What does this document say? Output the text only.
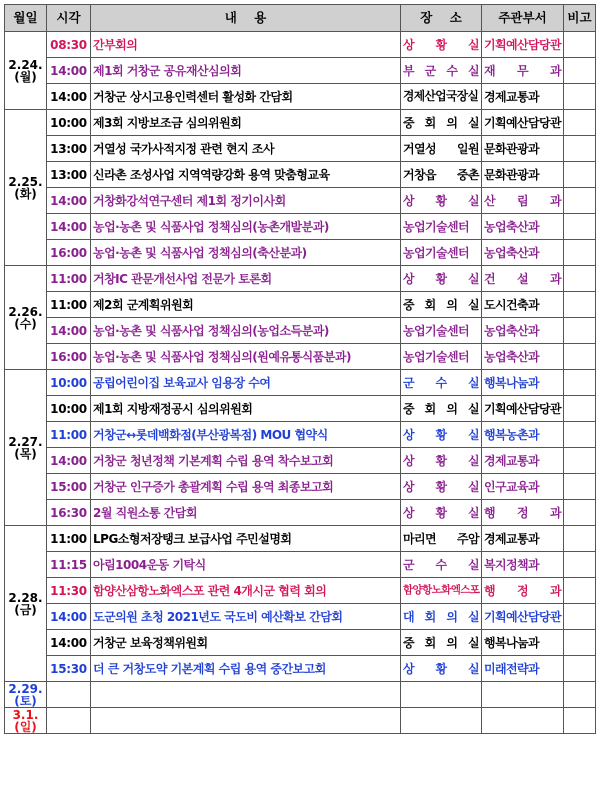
월일	시각	내    용	장    소	주관부서	비고

2.24.
(월)	08:30	간부회의	상 황 실	기획예산담당관	
	14:00	제1회 거창군 공유재산심의회	부 군 수 실	재 무 과	
	14:00	거창군 상시고용인력센터 활성화 간담회	경제산업국장실	경제교통과	

2.25.
(화)	10:00	제3회 지방보조금 심의위원회	중 회 의 실	기획예산담당관	
	13:00	거열성 국가사적지정 관련 현지 조사	거열성 일원	문화관광과	
	13:00	신라촌 조성사업 지역역량강화 용역 맞춤형교육	거창읍 중촌	문화관광과	
	14:00	거창화강석연구센터 제1회 정기이사회	상 황 실	산 림 과	
	14:00	농업·농촌 및 식품사업 정책심의(농촌개발분과)	농업기술센터	농업축산과	
	16:00	농업·농촌 및 식품사업 정책심의(축산분과)	농업기술센터	농업축산과	

2.26.
(수)	11:00	거창IC 관문개선사업 전문가 토론회	상 황 실	건 설 과	
	11:00	제2회 군계획위원회	중 회 의 실	도시건축과	
	14:00	농업·농촌 및 식품사업 정책심의(농업소득분과)	농업기술센터	농업축산과	
	16:00	농업·농촌 및 식품사업 정책심의(원예유통식품분과)	농업기술센터	농업축산과	

2.27.
(목)	10:00	공립어린이집 보육교사 임용장 수여	군 수 실	행복나눔과	
	10:00	제1회 지방재정공시 심의위원회	중 회 의 실	기획예산담당관	
	11:00	거창군↔롯데백화점(부산광복점) MOU 협약식	상 황 실	행복농촌과	
	14:00	거창군 청년정책 기본계획 수립 용역 착수보고회	상 황 실	경제교통과	
	15:00	거창군 인구증가 총괄계획 수립 용역 최종보고회	상 황 실	인구교육과	
	16:30	2월 직원소통 간담회	상 황 실	행 정 과	

2.28.
(금)	11:00	LPG소형저장탱크 보급사업 주민설명회	마리면 주암	경제교통과	
	11:15	아림1004운동 기탁식	군 수 실	복지정책과	
	11:30	함양산삼항노화엑스포 관련 4개시군 협력 회의	함양항노화엑스포	행 정 과	
	14:00	도군의원 초청 2021년도 국도비 예산확보 간담회	대 회 의 실	기획예산담당관	
	14:00	거창군 보육정책위원회	중 회 의 실	행복나눔과	
	15:30	더 큰 거창도약 기본계획 수립 용역 중간보고회	상 황 실	미래전략과	

2.29.
(토)					

3.1.
(일)					
